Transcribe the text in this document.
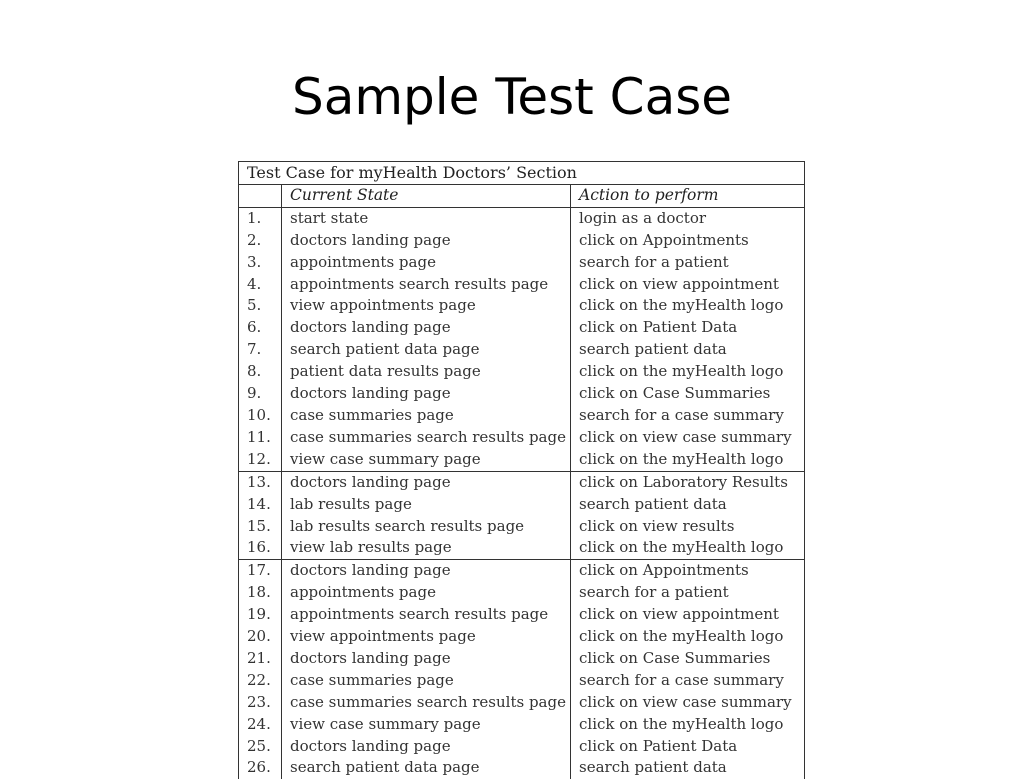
Sample Test Case
Test Case for myHealth Doctors’ Section		
	Current State	Action to perform
1.	start state	login as a doctor
2.	doctors landing page	click on Appointments
3.	appointments page	search for a patient
4.	appointments search results page	click on view appointment
5.	view appointments page	click on the myHealth logo
6.	doctors landing page	click on Patient Data
7.	search patient data page	search patient data
8.	patient data results page	click on the myHealth logo
9.	doctors landing page	click on Case Summaries
10.	case summaries page	search for a case summary
11.	case summaries search results page	click on view case summary
12.	view case summary page	click on the myHealth logo
13.	doctors landing page	click on Laboratory Results
14.	lab results page	search patient data
15.	lab results search results page	click on view results
16.	view lab results page	click on the myHealth logo
17.	doctors landing page	click on Appointments
18.	appointments page	search for a patient
19.	appointments search results page	click on view appointment
20.	view appointments page	click on the myHealth logo
21.	doctors landing page	click on Case Summaries
22.	case summaries page	search for a case summary
23.	case summaries search results page	click on view case summary
24.	view case summary page	click on the myHealth logo
25.	doctors landing page	click on Patient Data
26.	search patient data page	search patient data
